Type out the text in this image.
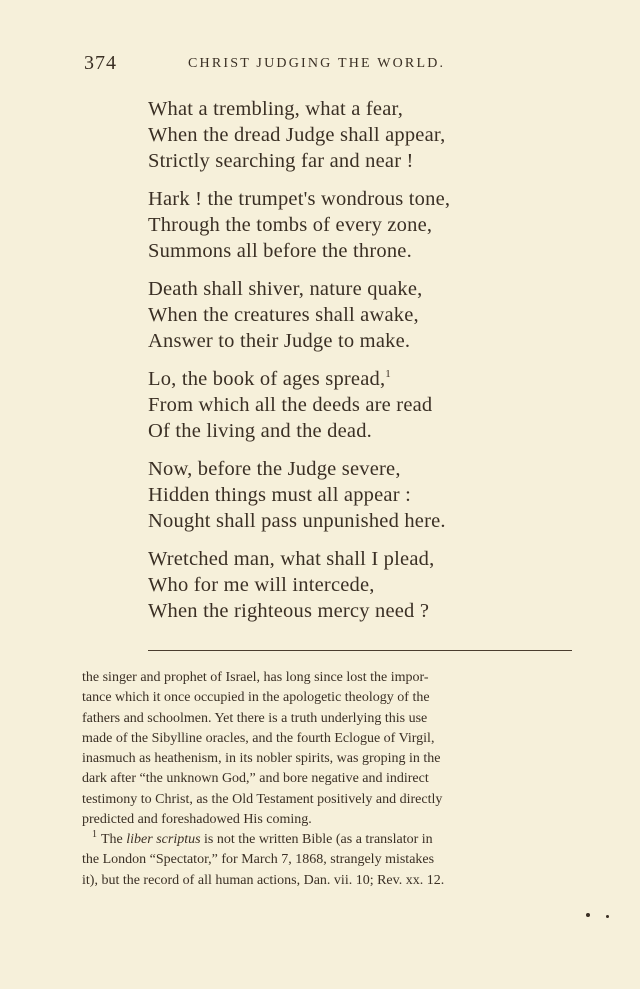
374	CHRIST JUDGING THE WORLD.
What a trembling, what a fear,
When the dread Judge shall appear,
Strictly searching far and near !
Hark ! the trumpet's wondrous tone,
Through the tombs of every zone,
Summons all before the throne.
Death shall shiver, nature quake,
When the creatures shall awake,
Answer to their Judge to make.
Lo, the book of ages spread,$^1$
From which all the deeds are read
Of the living and the dead.
Now, before the Judge severe,
Hidden things must all appear :
Nought shall pass unpunished here.
Wretched man, what shall I plead,
Who for me will intercede,
When the righteous mercy need ?

the singer and prophet of Israel, has long since lost the impor-

tance which it once occupied in the apologetic theology of the

fathers and schoolmen. Yet there is a truth underlying this use

made of the Sibylline oracles, and the fourth Eclogue of Virgil,

inasmuch as heathenism, in its nobler spirits, was groping in the

dark after “the unknown God,” and bore negative and indirect

testimony to Christ, as the Old Testament positively and directly

predicted and foreshadowed His coming.

$^1$ The liber scriptus is not the written Bible (as a translator in

the London “Spectator,” for March 7, 1868, strangely mistakes

it), but the record of all human actions, Dan. vii. 10; Rev. xx. 12.
